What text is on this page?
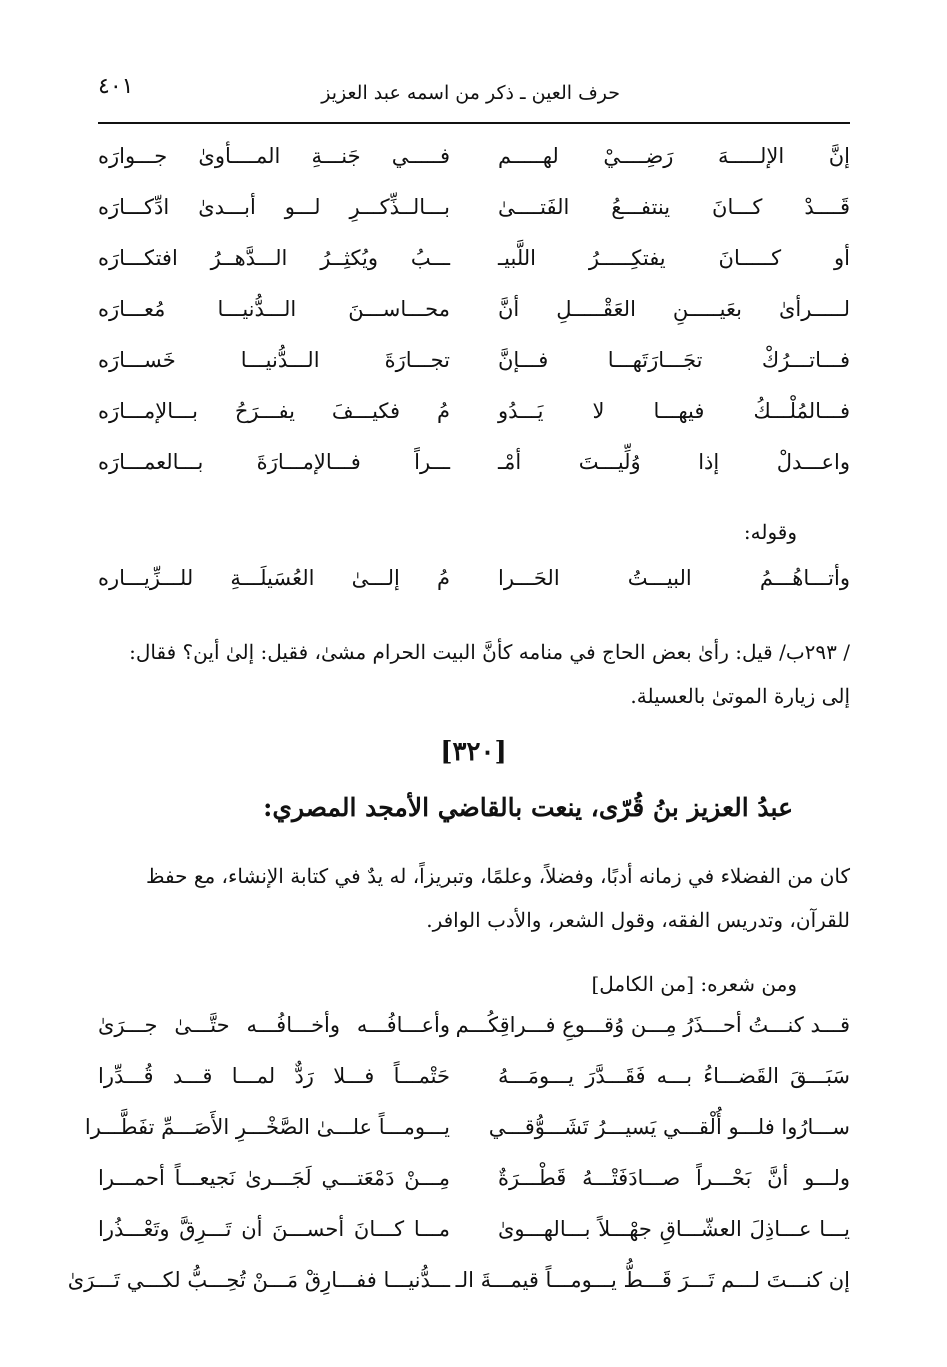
٤٠١	حرف العين ـ ذكر من اسمه عبد العزيز
إنَّ الإلـــــهَ رَضِــــيْ لهـــــم
فـــــي جَنـــةِ المــــأوىٰ جـــوارَه
قَــــدْ كـــانَ ينتفـــعُ الفَتــــىٰ
بـــالــذِّكـــرِ لـــو أبـــدىٰ ادِّكـــارَه
أو كـــــانَ يفتكِـــــرُ اللَّبيـ
ـــبُ ويُكثِــرُ الـــدَّهــرُ افتكـــارَه
لـــــرأىٰ بعَيـــــنِ العَقْـــــلِ أنَّ
محـــاســـنَ الـــدُّنيـــا مُعـــارَه
فـــاتـــرُكْ تجَـــارَتَهـــا فـــإنَّ
تجـــارَةَ الـــدُّنيـــا خَســـارَه
فـــالمُلْـــكُ فيهـــا لا يَـــدُو
مُ فكيـــفَ يفـــرَحُ بـــالإمـــارَه
واعـــدلْ إذا وُلِّيـــتَ أمْـ
ـــراً فـــالإمـــارَةَ بـــالعمـــارَه
وقوله:
وأتـــاهُـــمُ البيـــتُ الحَـــرا
مُ إلـــىٰ العُسَيلَـــةِ للـــزِّيـــاره
/ ٢٩٣ب/ قيل: رأىٰ بعض الحاج في منامه كأنَّ البيت الحرام مشىٰ، فقيل: إلىٰ أين؟ فقال: إلى زيارة الموتىٰ بالعسيلة.
[٣٢٠]
عبدُ العزيز بنُ قُرّى، ينعت بالقاضي الأمجد المصري:
كان من الفضلاء في زمانه أدبًا، وفضلاً، وعلمًا، وتبريزاً، له يدٌ في كتابة الإنشاء، مع حفظ للقرآن، وتدريس الفقه، وقول الشعر، والأدب الوافر.
ومن شعره: [من الكامل]
قـــد كنـــتُ أحـــذَرُ مِـــن وُقـــوعِ فـــراقِكُـــم
وأعـــافُـــه وأخـــافُـــه حتَّـــىٰ جـــرَىٰ
سَبَـــقَ القَضـــاءُ بـــه فَقَـــدَّرَ يـــومَـــهُ
حَتْمـــاً فـــلا رَدٌّ لمـــا قـــد قُـــدِّرا
ســـارُوا فلـــو أُلْقـــي يَسيـــرُ تَشَـــوُّقـــي
يـــومـــاً علـــىٰ الصَّخْـــرِ الأَصَـــمِّ تفَطَّـــرا
ولـــو أنَّ بَحْـــراً صـــادَفَتْـــهُ قَطْـــرَةٌ
مِـــنْ دَمْعَتـــي لَجَـــرىٰ نَجيعـــاً أحمـــرا
يـــا عـــاذِلَ العشّـــاقِ جهْـــلاً بـــالهـــوىٰ
مـــا كـــانَ أحســـنَ أن تَـــرِقَّ وتَعْـــذُرا
إن كنـــتَ لـــم تَـــرَ قَـــطُّ يـــومـــاً قيمـــةَ الـ
ـــدُّنيـــا ففـــارِقْ مَـــنْ تُحِـــبُّ لكـــي تَـــرَىٰ
